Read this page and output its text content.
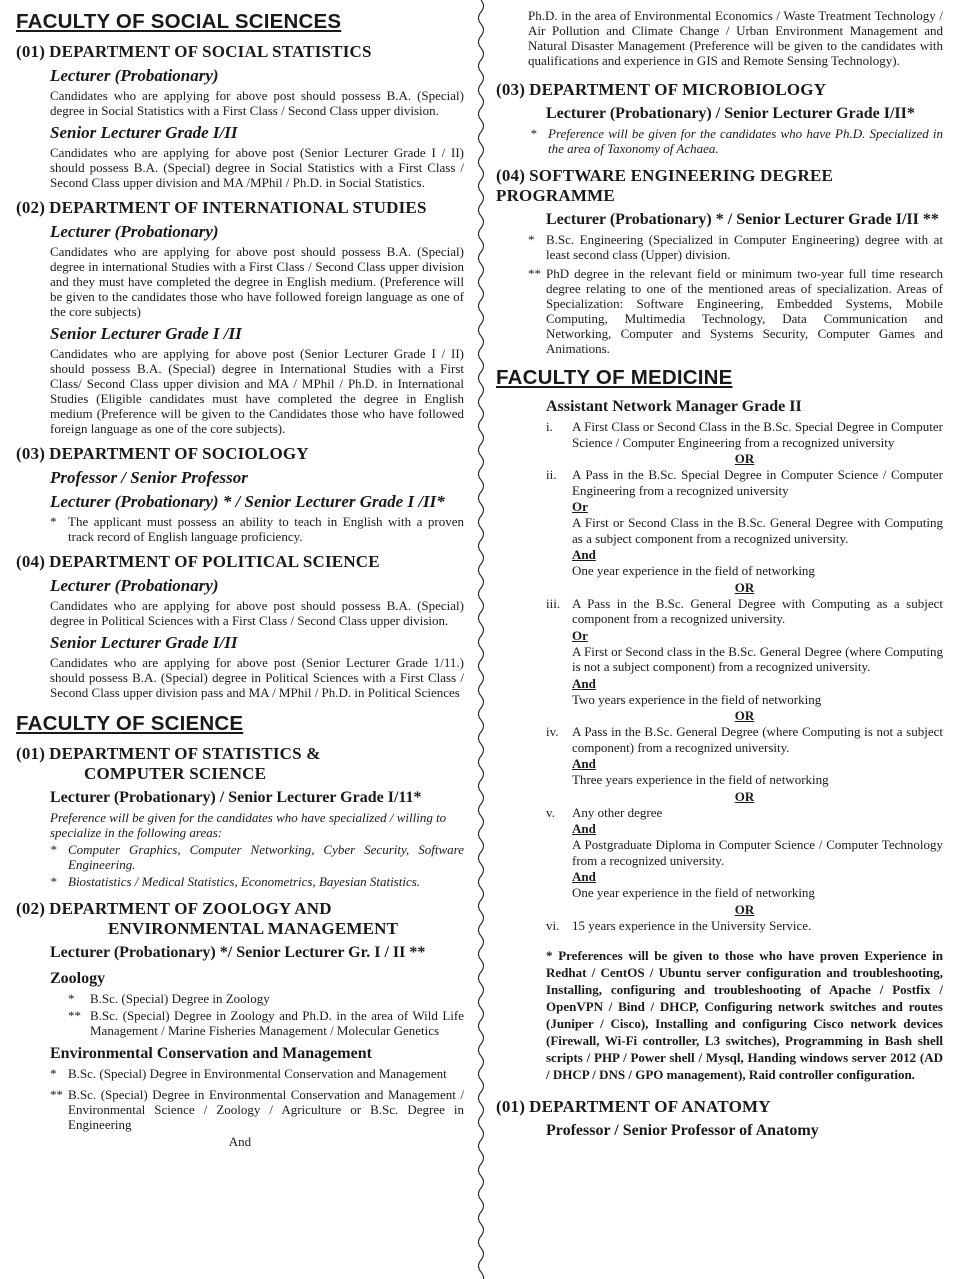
FACULTY OF SOCIAL SCIENCES
(01) DEPARTMENT OF SOCIAL STATISTICS
Lecturer (Probationary)
Candidates who are applying for above post should possess B.A. (Special) degree in Social Statistics with a First Class / Second Class upper division.
Senior Lecturer Grade I/II
Candidates who are applying for above post (Senior Lecturer Grade I / II) should possess B.A. (Special) degree in Social Statistics with a First Class / Second Class upper division and MA /MPhil / Ph.D. in Social Statistics.
(02) DEPARTMENT OF INTERNATIONAL STUDIES
Lecturer (Probationary)
Candidates who are applying for above post should possess B.A. (Special) degree in international Studies with a First Class / Second Class upper division and they must have completed the degree in English medium. (Preference will be given to the candidates those who have followed foreign language as one of the core subjects)
Senior Lecturer Grade I /II
Candidates who are applying for above post (Senior Lecturer Grade I / II) should possess B.A. (Special) degree in International Studies with a First Class/ Second Class upper division and MA / MPhil / Ph.D. in International Studies (Eligible candidates must have completed the degree in English medium (Preference will be given to the Candidates those who have followed foreign language as one of the core subjects).
(03) DEPARTMENT OF SOCIOLOGY
Professor / Senior Professor
Lecturer (Probationary) * / Senior Lecturer Grade I /II*
* The applicant must possess an ability to teach in English with a proven track record of English language proficiency.
(04) DEPARTMENT OF POLITICAL SCIENCE
Lecturer (Probationary)
Candidates who are applying for above post should possess B.A. (Special) degree in Political Sciences with a First Class / Second Class upper division.
Senior Lecturer Grade I/II
Candidates who are applying for above post (Senior Lecturer Grade 1/11.) should possess B.A. (Special) degree in Political Sciences with a First Class / Second Class upper division pass and MA / MPhil / Ph.D. in Political Sciences
FACULTY OF SCIENCE
(01) DEPARTMENT OF STATISTICS &
COMPUTER SCIENCE
Lecturer (Probationary) / Senior Lecturer Grade I/11*
Preference will be given for the candidates who have specialized / willing to specialize in the following areas:
* Computer Graphics, Computer Networking, Cyber Security, Software Engineering.
* Biostatistics / Medical Statistics, Econometrics, Bayesian Statistics.
(02) DEPARTMENT OF ZOOLOGY AND
ENVIRONMENTAL MANAGEMENT
Lecturer (Probationary) */ Senior Lecturer Gr. I / II **
Zoology
*	B.Sc. (Special) Degree in Zoology
** B.Sc. (Special) Degree in Zoology and Ph.D. in the area of Wild Life Management / Marine Fisheries Management / Molecular Genetics
Environmental Conservation and Management
* B.Sc. (Special) Degree in Environmental Conservation and Management
** B.Sc. (Special) Degree in Environmental Conservation and Management / Environmental Science / Zoology / Agriculture or B.Sc. Degree in Engineering
And
Ph.D. in the area of Environmental Economics / Waste Treatment Technology / Air Pollution and Climate Change / Urban Environment Management and Natural Disaster Management (Preference will be given to the candidates with qualifications and experience in GIS and Remote Sensing Technology).
(03) DEPARTMENT OF MICROBIOLOGY
Lecturer (Probationary) / Senior Lecturer Grade I/II*
* Preference will be given for the candidates who have Ph.D. Specialized in the area of Taxonomy of Achaea.
(04) SOFTWARE ENGINEERING DEGREE PROGRAMME
Lecturer (Probationary) * / Senior Lecturer Grade I/II **
* B.Sc. Engineering (Specialized in Computer Engineering) degree with at least second class (Upper) division.
** PhD degree in the relevant field or minimum two-year full time research degree relating to one of the mentioned areas of specialization. Areas of Specialization: Software Engineering, Embedded Systems, Mobile Computing, Multimedia Technology, Data Communication and Networking, Computer and Systems Security, Computer Games and Animations.
FACULTY OF MEDICINE
Assistant Network Manager Grade II
i.	A First Class or Second Class in the B.Sc. Special Degree in Computer Science / Computer Engineering from a recognized university
OR
ii.	A Pass in the B.Sc. Special Degree in Computer Science / Computer Engineering from a recognized university
Or
A First or Second Class in the B.Sc. General Degree with Computing as a subject component from a recognized university.
And
One year experience in the field of networking
OR
iii. A Pass in the B.Sc. General Degree with Computing as a subject component from a recognized university.
Or
A First or Second class in the B.Sc. General Degree (where Computing is not a subject component) from a recognized university.
And
Two years experience in the field of networking
OR
iv.	A Pass in the B.Sc. General Degree (where Computing is not a subject component) from a recognized university.
And
Three years experience in the field of networking
OR
v.	Any other degree
And
A Postgraduate Diploma in Computer Science / Computer Technology from a recognized university.
And
One year experience in the field of networking
OR
vi. 15 years experience in the University Service.
* Preferences will be given to those who have proven Experience in Redhat / CentOS / Ubuntu server configuration and troubleshooting, Installing, configuring and troubleshooting of Apache / Postfix / OpenVPN / Bind / DHCP, Configuring network switches and routes (Juniper / Cisco), Installing and configuring Cisco network devices (Firewall, Wi-Fi controller, L3 switches), Programming in Bash shell scripts / PHP / Power shell / Mysql, Handing windows server 2012 (AD / DHCP / DNS / GPO management), Raid controller configuration.
(01) DEPARTMENT OF ANATOMY
Professor / Senior Professor of Anatomy
